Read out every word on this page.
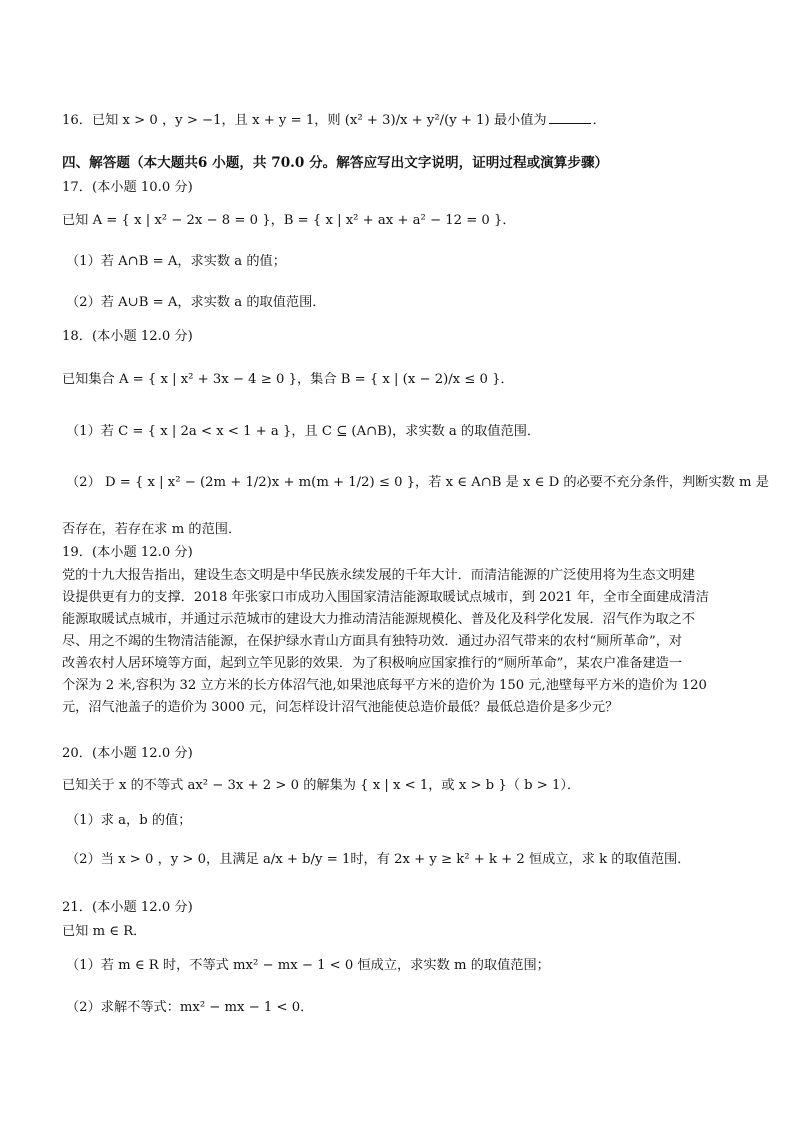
16．已知 x > 0 ，y > −1，且 x + y = 1，则 (x² + 3)/x + y²/(y + 1) 最小值为	．
四、解答题（本大题共6 小题，共 70.0 分。解答应写出文字说明，证明过程或演算步骤）
17．(本小题 10.0 分)
已知 A = { x | x² − 2x − 8 = 0 }，B = { x | x² + ax + a² − 12 = 0 }．
（1）若 A∩B = A，求实数 a 的值；
（2）若 A∪B = A，求实数 a 的取值范围．
18．(本小题 12.0 分)
已知集合 A = { x | x² + 3x − 4 ≥ 0 }，集合 B = { x | (x − 2)/x ≤ 0 }．
（1）若 C = { x | 2a < x < 1 + a }，且 C ⊆ (A∩B)，求实数 a 的取值范围．
（2） D = { x | x² − (2m + 1/2)x + m(m + 1/2) ≤ 0 }，若 x ∈ A∩B 是 x ∈ D 的必要不充分条件，判断实数 m 是
否存在，若存在求 m 的范围．
19．(本小题 12.0 分)
党的十九大报告指出，建设生态文明是中华民族永续发展的千年大计．而清洁能源的广泛使用将为生态文明建
设提供更有力的支撑．2018 年张家口市成功入围国家清洁能源取暖试点城市，到 2021 年，全市全面建成清洁
能源取暖试点城市，并通过示范城市的建设大力推动清洁能源规模化、普及化及科学化发展．沼气作为取之不
尽、用之不竭的生物清洁能源，在保护绿水青山方面具有独特功效．通过办沼气带来的农村“厕所革命”，对
改善农村人居环境等方面，起到立竿见影的效果．为了积极响应国家推行的“厕所革命”，某农户准备建造一
个深为 2 米,容积为 32 立方米的长方体沼气池,如果池底每平方米的造价为 150 元,池壁每平方米的造价为 120
元，沼气池盖子的造价为 3000 元，问怎样设计沼气池能使总造价最低？最低总造价是多少元？
20．(本小题 12.0 分)
已知关于 x 的不等式 ax² − 3x + 2 > 0 的解集为 { x | x < 1，或 x > b }（ b > 1）．
（1）求 a，b 的值；
（2）当 x > 0 ，y > 0，且满足 a/x + b/y = 1时，有 2x + y ≥ k² + k + 2 恒成立，求 k 的取值范围．
21．(本小题 12.0 分)
已知 m ∈ R．
（1）若 m ∈ R 时，不等式 mx² − mx − 1 < 0 恒成立，求实数 m 的取值范围；
（2）求解不等式：mx² − mx − 1 < 0．
